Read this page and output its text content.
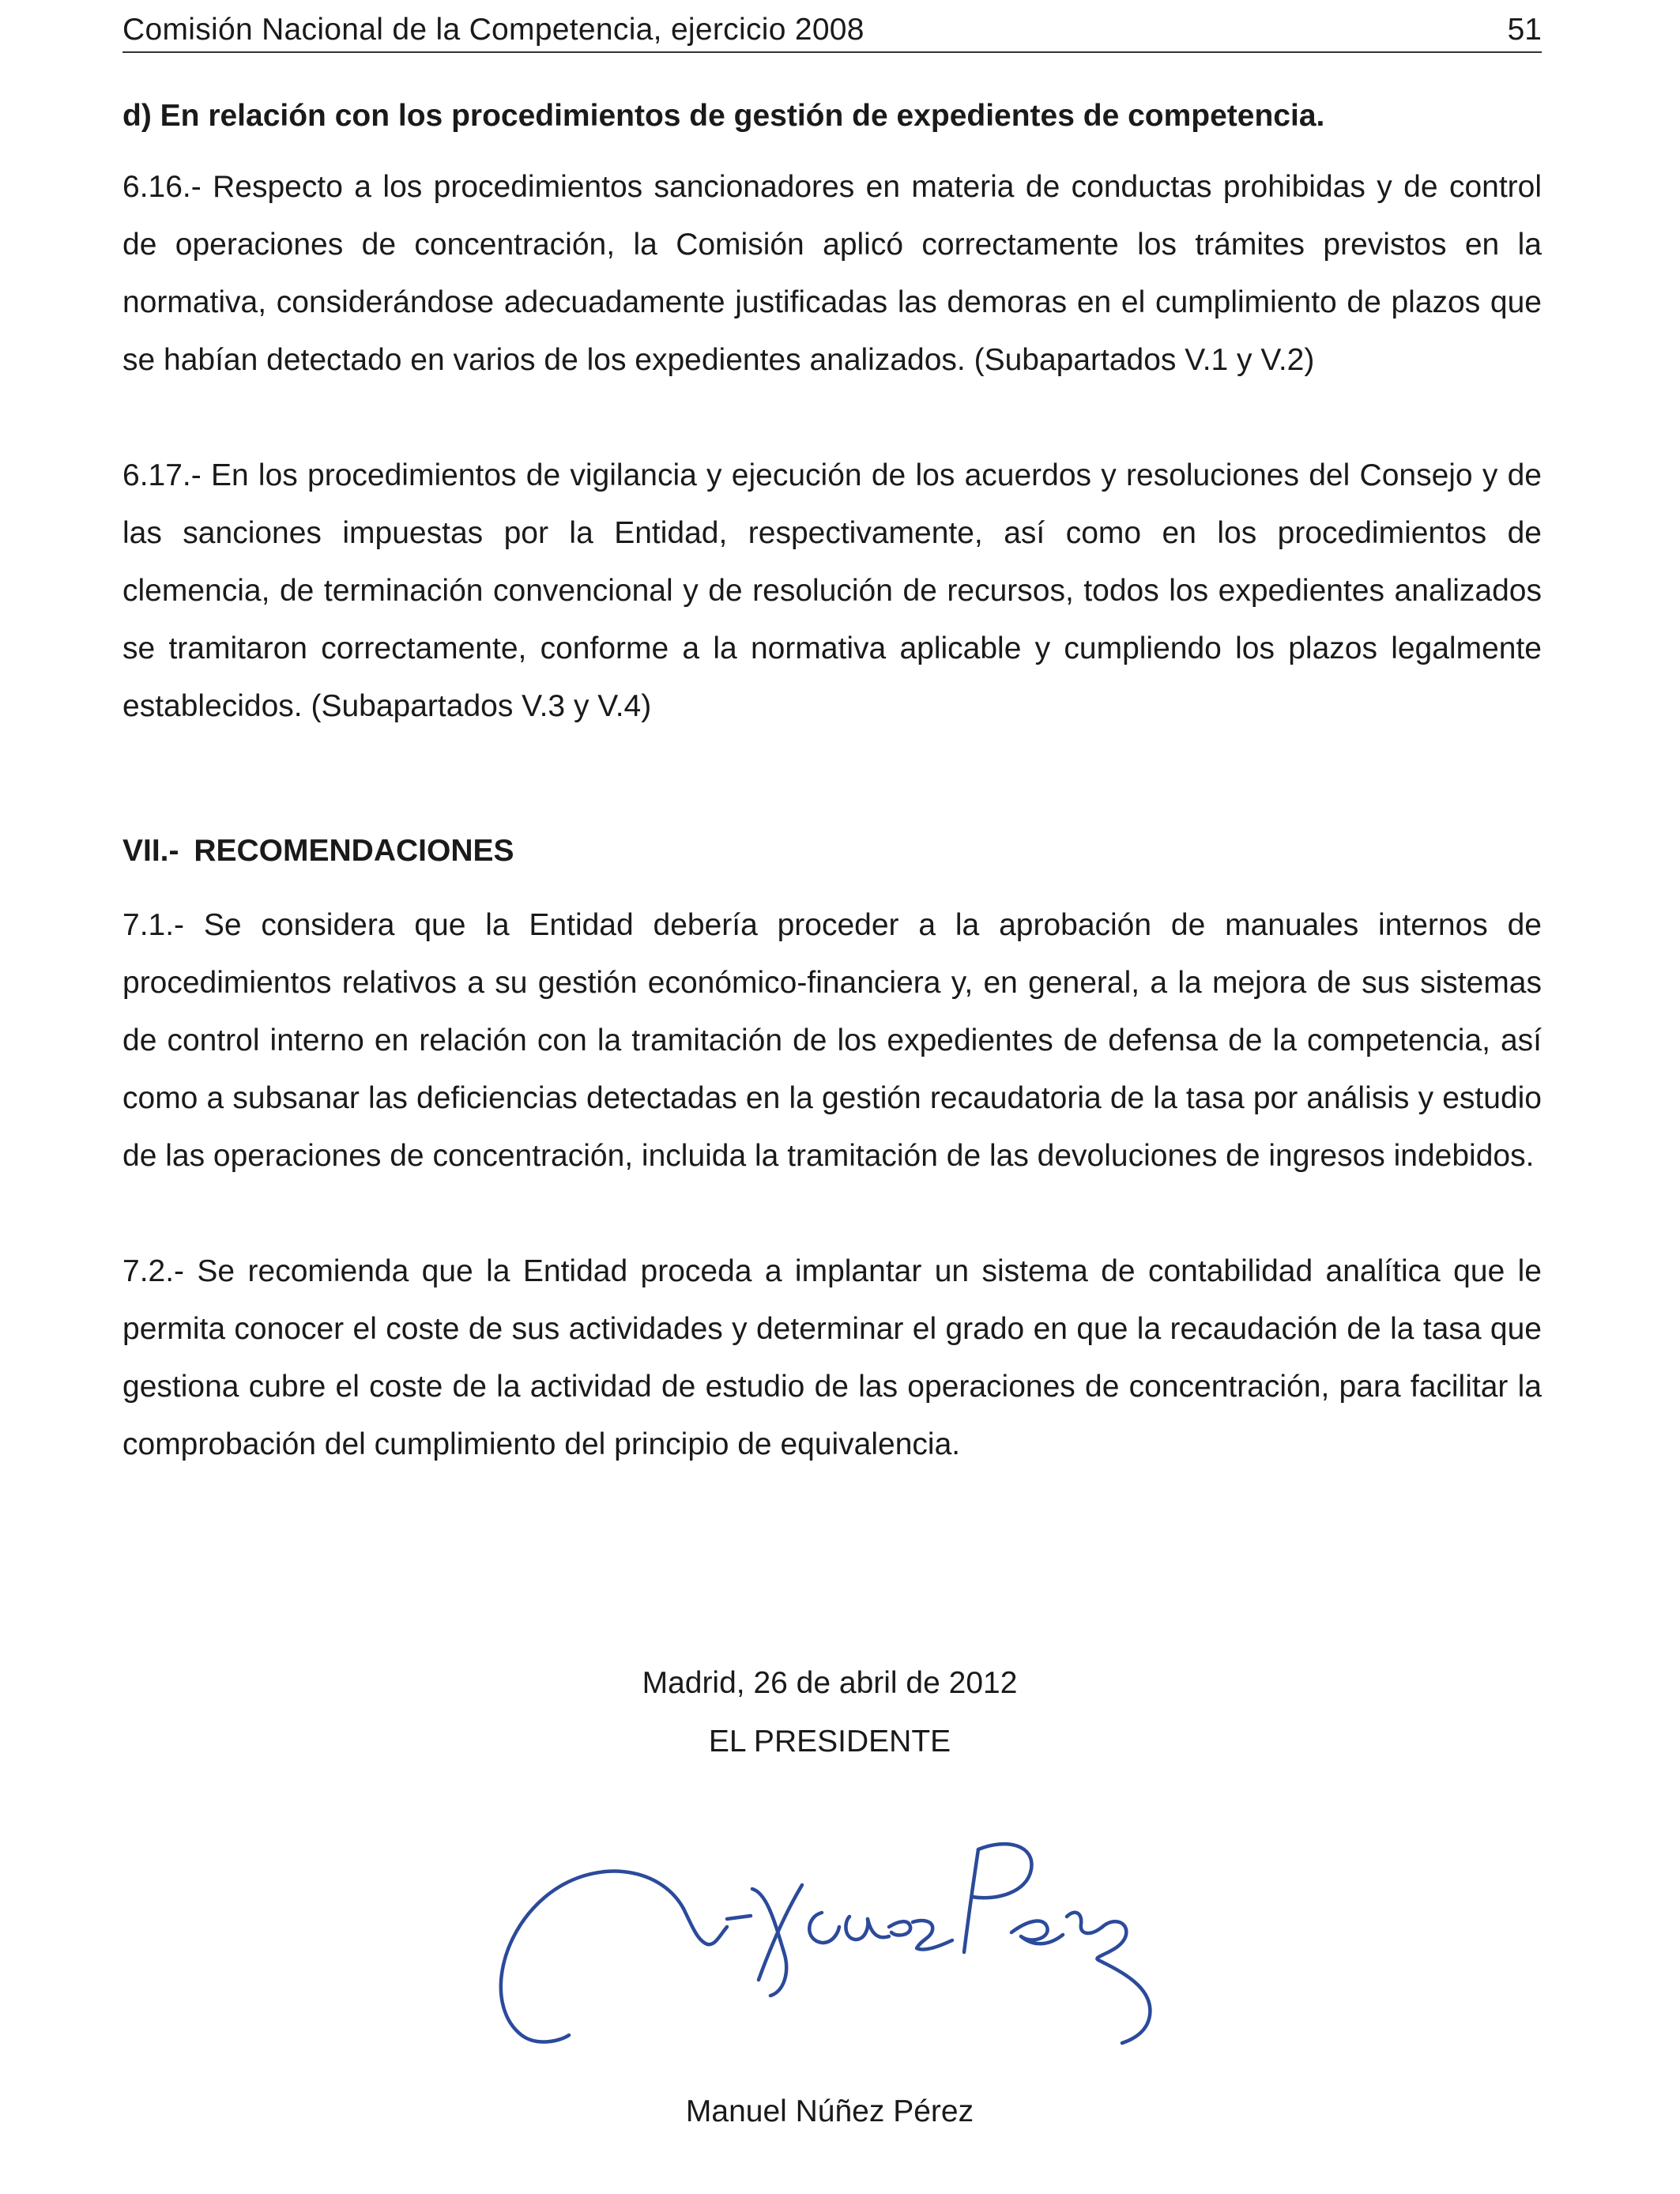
Comisión Nacional de la Competencia, ejercicio 2008	51

d) En relación con los procedimientos de gestión de expedientes de competencia.

6.16.- Respecto a los procedimientos sancionadores en materia de conductas prohibidas y de control de operaciones de concentración, la Comisión aplicó correctamente los trámites previstos en la normativa, considerándose adecuadamente justificadas las demoras en el cumplimiento de plazos que se habían detectado en varios de los expedientes analizados. (Subapartados V.1 y V.2)

6.17.- En los procedimientos de vigilancia y ejecución de los acuerdos y resoluciones del Consejo y de las sanciones impuestas por la Entidad, respectivamente, así como en los procedimientos de clemencia, de terminación convencional y de resolución de recursos, todos los expedientes analizados se tramitaron correctamente, conforme a la normativa aplicable y cumpliendo los plazos legalmente establecidos. (Subapartados V.3 y V.4)

VII.- RECOMENDACIONES

7.1.- Se considera que la Entidad debería proceder a la aprobación de manuales internos de procedimientos relativos a su gestión económico-financiera y, en general, a la mejora de sus sistemas de control interno en relación con la tramitación de los expedientes de defensa de la competencia, así como a subsanar las deficiencias detectadas en la gestión recaudatoria de la tasa por análisis y estudio de las operaciones de concentración, incluida la tramitación de las devoluciones de ingresos indebidos.

7.2.- Se recomienda que la Entidad proceda a implantar un sistema de contabilidad analítica que le permita conocer el coste de sus actividades y determinar el grado en que la recaudación de la tasa que gestiona cubre el coste de la actividad de estudio de las operaciones de concentración, para facilitar la comprobación del cumplimiento del principio de equivalencia.

Madrid, 26 de abril de 2012
EL PRESIDENTE
Manuel Núñez Pérez
